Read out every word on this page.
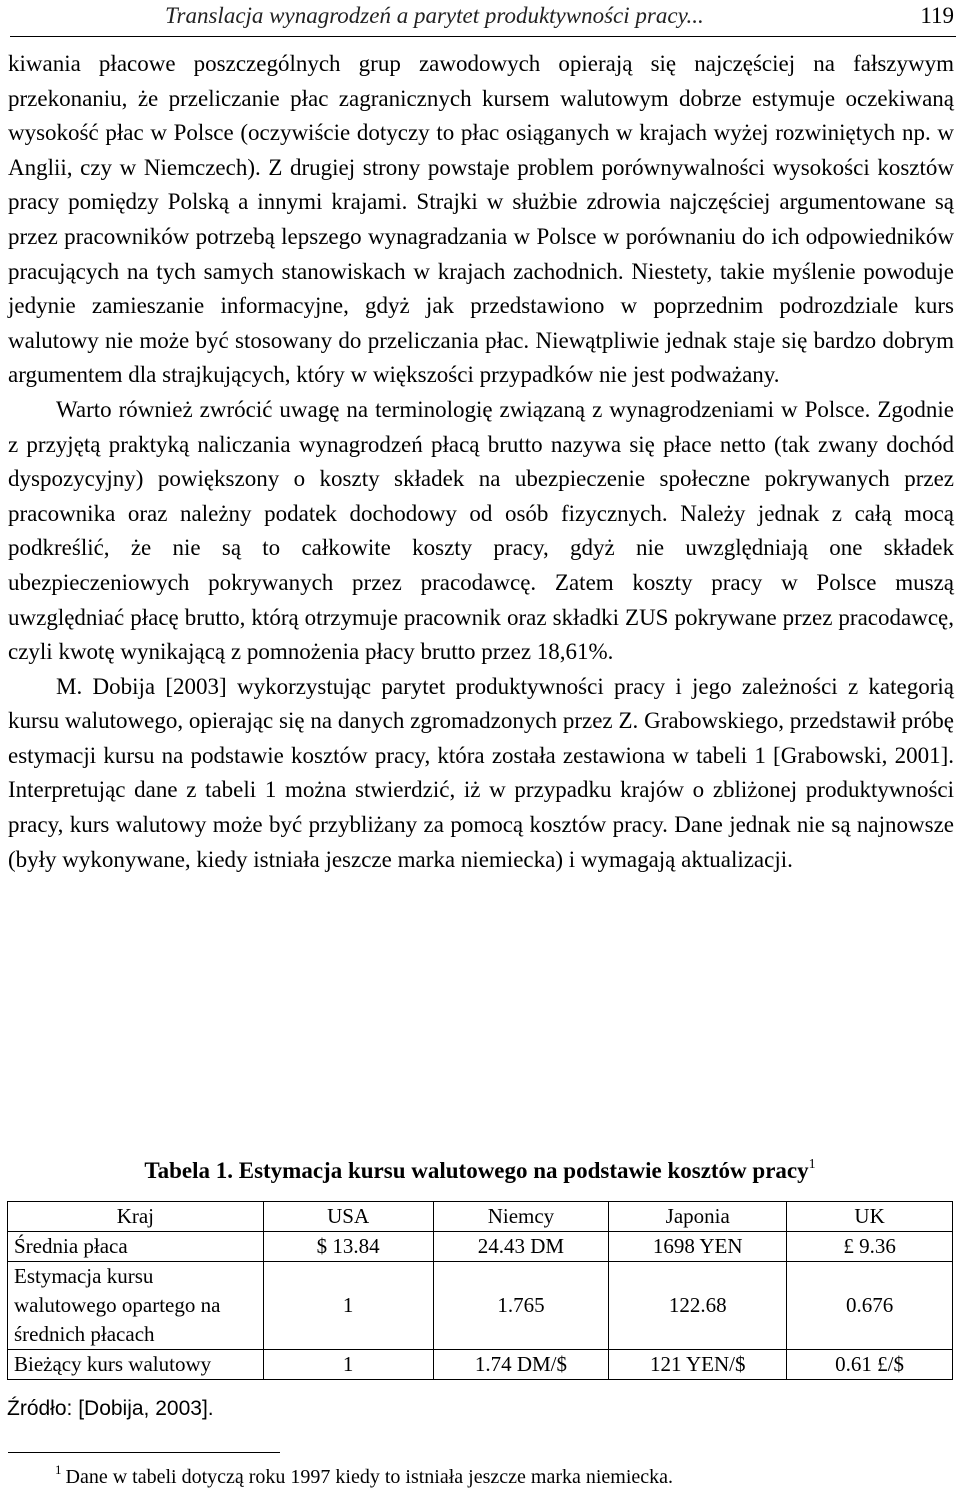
Translacja wynagrodzeń a parytet produktywności pracy...	119

kiwania płacowe poszczególnych grup zawodowych opierają się najczęściej na fałszywym przekonaniu, że przeliczanie płac zagranicznych kursem walutowym dobrze estymuje oczekiwaną wysokość płac w Polsce (oczywiście dotyczy to płac osiąganych w krajach wyżej rozwiniętych np. w Anglii, czy w Niemczech). Z drugiej strony powstaje problem porównywalności wysokości kosztów pracy pomiędzy Polską a innymi krajami. Strajki w służbie zdrowia najczęściej argumentowane są przez pracowników potrzebą lepszego wynagradzania w Polsce w porównaniu do ich odpowiedników pracujących na tych samych stanowiskach w krajach zachodnich. Niestety, takie myślenie powoduje jedynie zamieszanie informacyjne, gdyż jak przedstawiono w poprzednim podrozdziale kurs walutowy nie może być stosowany do przeliczania płac. Niewątpliwie jednak staje się bardzo dobrym argumentem dla strajkujących, który w większości przypadków nie jest podważany.

Warto również zwrócić uwagę na terminologię związaną z wynagrodzeniami w Polsce. Zgodnie z przyjętą praktyką naliczania wynagrodzeń płacą brutto nazywa się płace netto (tak zwany dochód dyspozycyjny) powiększony o koszty składek na ubezpieczenie społeczne pokrywanych przez pracownika oraz należny podatek dochodowy od osób fizycznych. Należy jednak z całą mocą podkreślić, że nie są to całkowite koszty pracy, gdyż nie uwzględniają one składek ubezpieczeniowych pokrywanych przez pracodawcę. Zatem koszty pracy w Polsce muszą uwzględniać płacę brutto, którą otrzymuje pracownik oraz składki ZUS pokrywane przez pracodawcę, czyli kwotę wynikającą z pomnożenia płacy brutto przez 18,61%.

M. Dobija [2003] wykorzystując parytet produktywności pracy i jego zależności z kategorią kursu walutowego, opierając się na danych zgromadzonych przez Z. Grabowskiego, przedstawił próbę estymacji kursu na podstawie kosztów pracy, która została zestawiona w tabeli 1 [Grabowski, 2001]. Interpretując dane z tabeli 1 można stwierdzić, iż w przypadku krajów o zbliżonej produktywności pracy, kurs walutowy może być przybliżany za pomocą kosztów pracy. Dane jednak nie są najnowsze (były wykonywane, kiedy istniała jeszcze marka niemiecka) i wymagają aktualizacji.

Tabela 1. Estymacja kursu walutowego na podstawie kosztów pracy$^1$
Kraj	USA	Niemcy	Japonia	UK
Średnia płaca	$ 13.84	24.43 DM	1698 YEN	£ 9.36
Estymacja kursu walutowego opartego na średnich płacach	1	1.765	122.68	0.676
Bieżący kurs walutowy	1	1.74 DM/$	121 YEN/$	0.61 £/$
Źródło: [Dobija, 2003].
$^1$ Dane w tabeli dotyczą roku 1997 kiedy to istniała jeszcze marka niemiecka.
